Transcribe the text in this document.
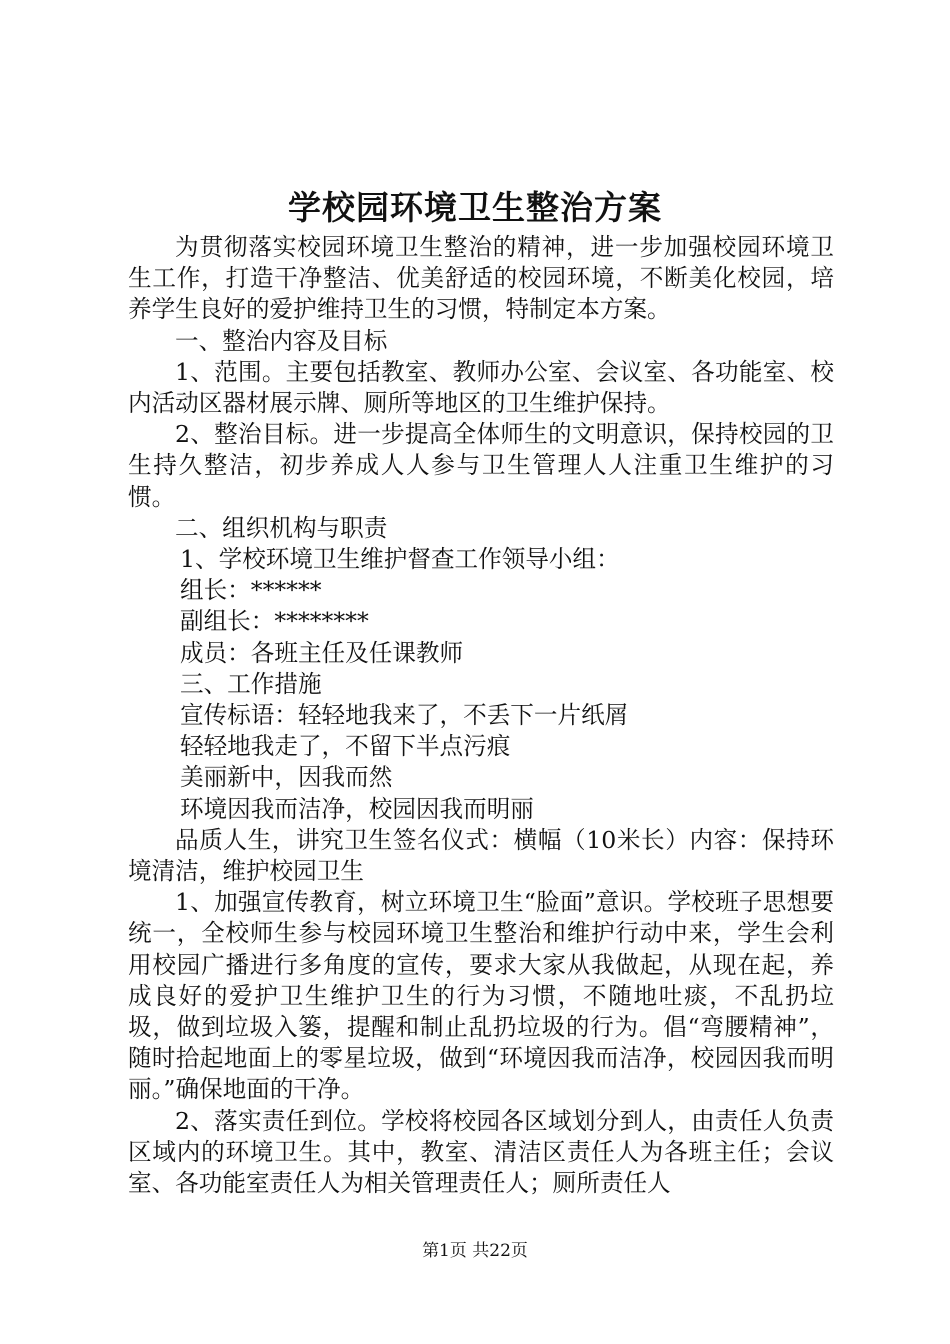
学校园环境卫生整治方案

为贯彻落实校园环境卫生整治的精神，进一步加强校园环境卫生工作，打造干净整洁、优美舒适的校园环境，不断美化校园，培养学生良好的爱护维持卫生的习惯，特制定本方案。

一、整治内容及目标

1、范围。主要包括教室、教师办公室、会议室、各功能室、校内活动区器材展示牌、厕所等地区的卫生维护保持。

2、整治目标。进一步提高全体师生的文明意识，保持校园的卫生持久整洁，初步养成人人参与卫生管理人人注重卫生维护的习惯。

二、组织机构与职责

1、学校环境卫生维护督查工作领导小组：

组长：******

副组长：********

成员：各班主任及任课教师

三、工作措施

宣传标语：轻轻地我来了，不丢下一片纸屑

轻轻地我走了，不留下半点污痕

美丽新中，因我而然

环境因我而洁净，校园因我而明丽

品质人生，讲究卫生签名仪式：横幅（10米长）内容：保持环境清洁，维护校园卫生

1、加强宣传教育，树立环境卫生“脸面”意识。学校班子思想要统一，全校师生参与校园环境卫生整治和维护行动中来，学生会利用校园广播进行多角度的宣传，要求大家从我做起，从现在起，养成良好的爱护卫生维护卫生的行为习惯，不随地吐痰，不乱扔垃圾，做到垃圾入篓，提醒和制止乱扔垃圾的行为。倡“弯腰精神”，随时拾起地面上的零星垃圾，做到“环境因我而洁净，校园因我而明丽。”确保地面的干净。

2、落实责任到位。学校将校园各区域划分到人，由责任人负责区域内的环境卫生。其中，教室、清洁区责任人为各班主任；会议室、各功能室责任人为相关管理责任人；厕所责任人

第1页 共22页
